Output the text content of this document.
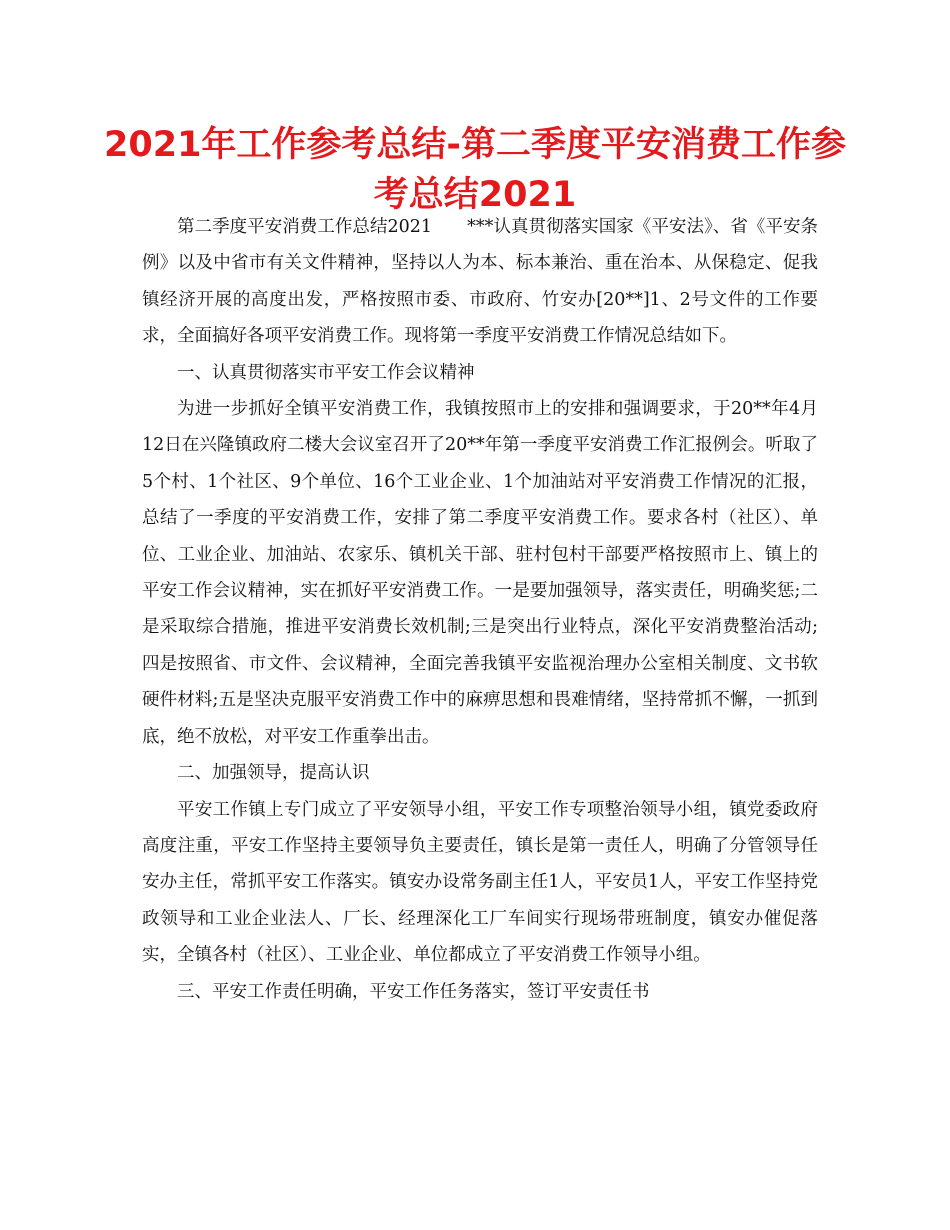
2021年工作参考总结-第二季度平安消费工作参考总结2021

第二季度平安消费工作总结2021　　***认真贯彻落实国家《平安法》、省《平安条例》以及中省市有关文件精神，坚持以人为本、标本兼治、重在治本、从保稳定、促我镇经济开展的高度出发，严格按照市委、市政府、竹安办[20**]1、2号文件的工作要求，全面搞好各项平安消费工作。现将第一季度平安消费工作情况总结如下。

一、认真贯彻落实市平安工作会议精神

为进一步抓好全镇平安消费工作，我镇按照市上的安排和强调要求，于20**年4月12日在兴隆镇政府二楼大会议室召开了20**年第一季度平安消费工作汇报例会。听取了5个村、1个社区、9个单位、16个工业企业、1个加油站对平安消费工作情况的汇报，总结了一季度的平安消费工作，安排了第二季度平安消费工作。要求各村（社区）、单位、工业企业、加油站、农家乐、镇机关干部、驻村包村干部要严格按照市上、镇上的平安工作会议精神，实在抓好平安消费工作。一是要加强领导，落实责任，明确奖惩;二是采取综合措施，推进平安消费长效机制;三是突出行业特点，深化平安消费整治活动;四是按照省、市文件、会议精神，全面完善我镇平安监视治理办公室相关制度、文书软硬件材料;五是坚决克服平安消费工作中的麻痹思想和畏难情绪，坚持常抓不懈，一抓到底，绝不放松，对平安工作重拳出击。

二、加强领导，提高认识

平安工作镇上专门成立了平安领导小组，平安工作专项整治领导小组，镇党委政府高度注重，平安工作坚持主要领导负主要责任，镇长是第一责任人，明确了分管领导任安办主任，常抓平安工作落实。镇安办设常务副主任1人，平安员1人，平安工作坚持党政领导和工业企业法人、厂长、经理深化工厂车间实行现场带班制度，镇安办催促落实，全镇各村（社区）、工业企业、单位都成立了平安消费工作领导小组。

三、平安工作责任明确，平安工作任务落实，签订平安责任书
